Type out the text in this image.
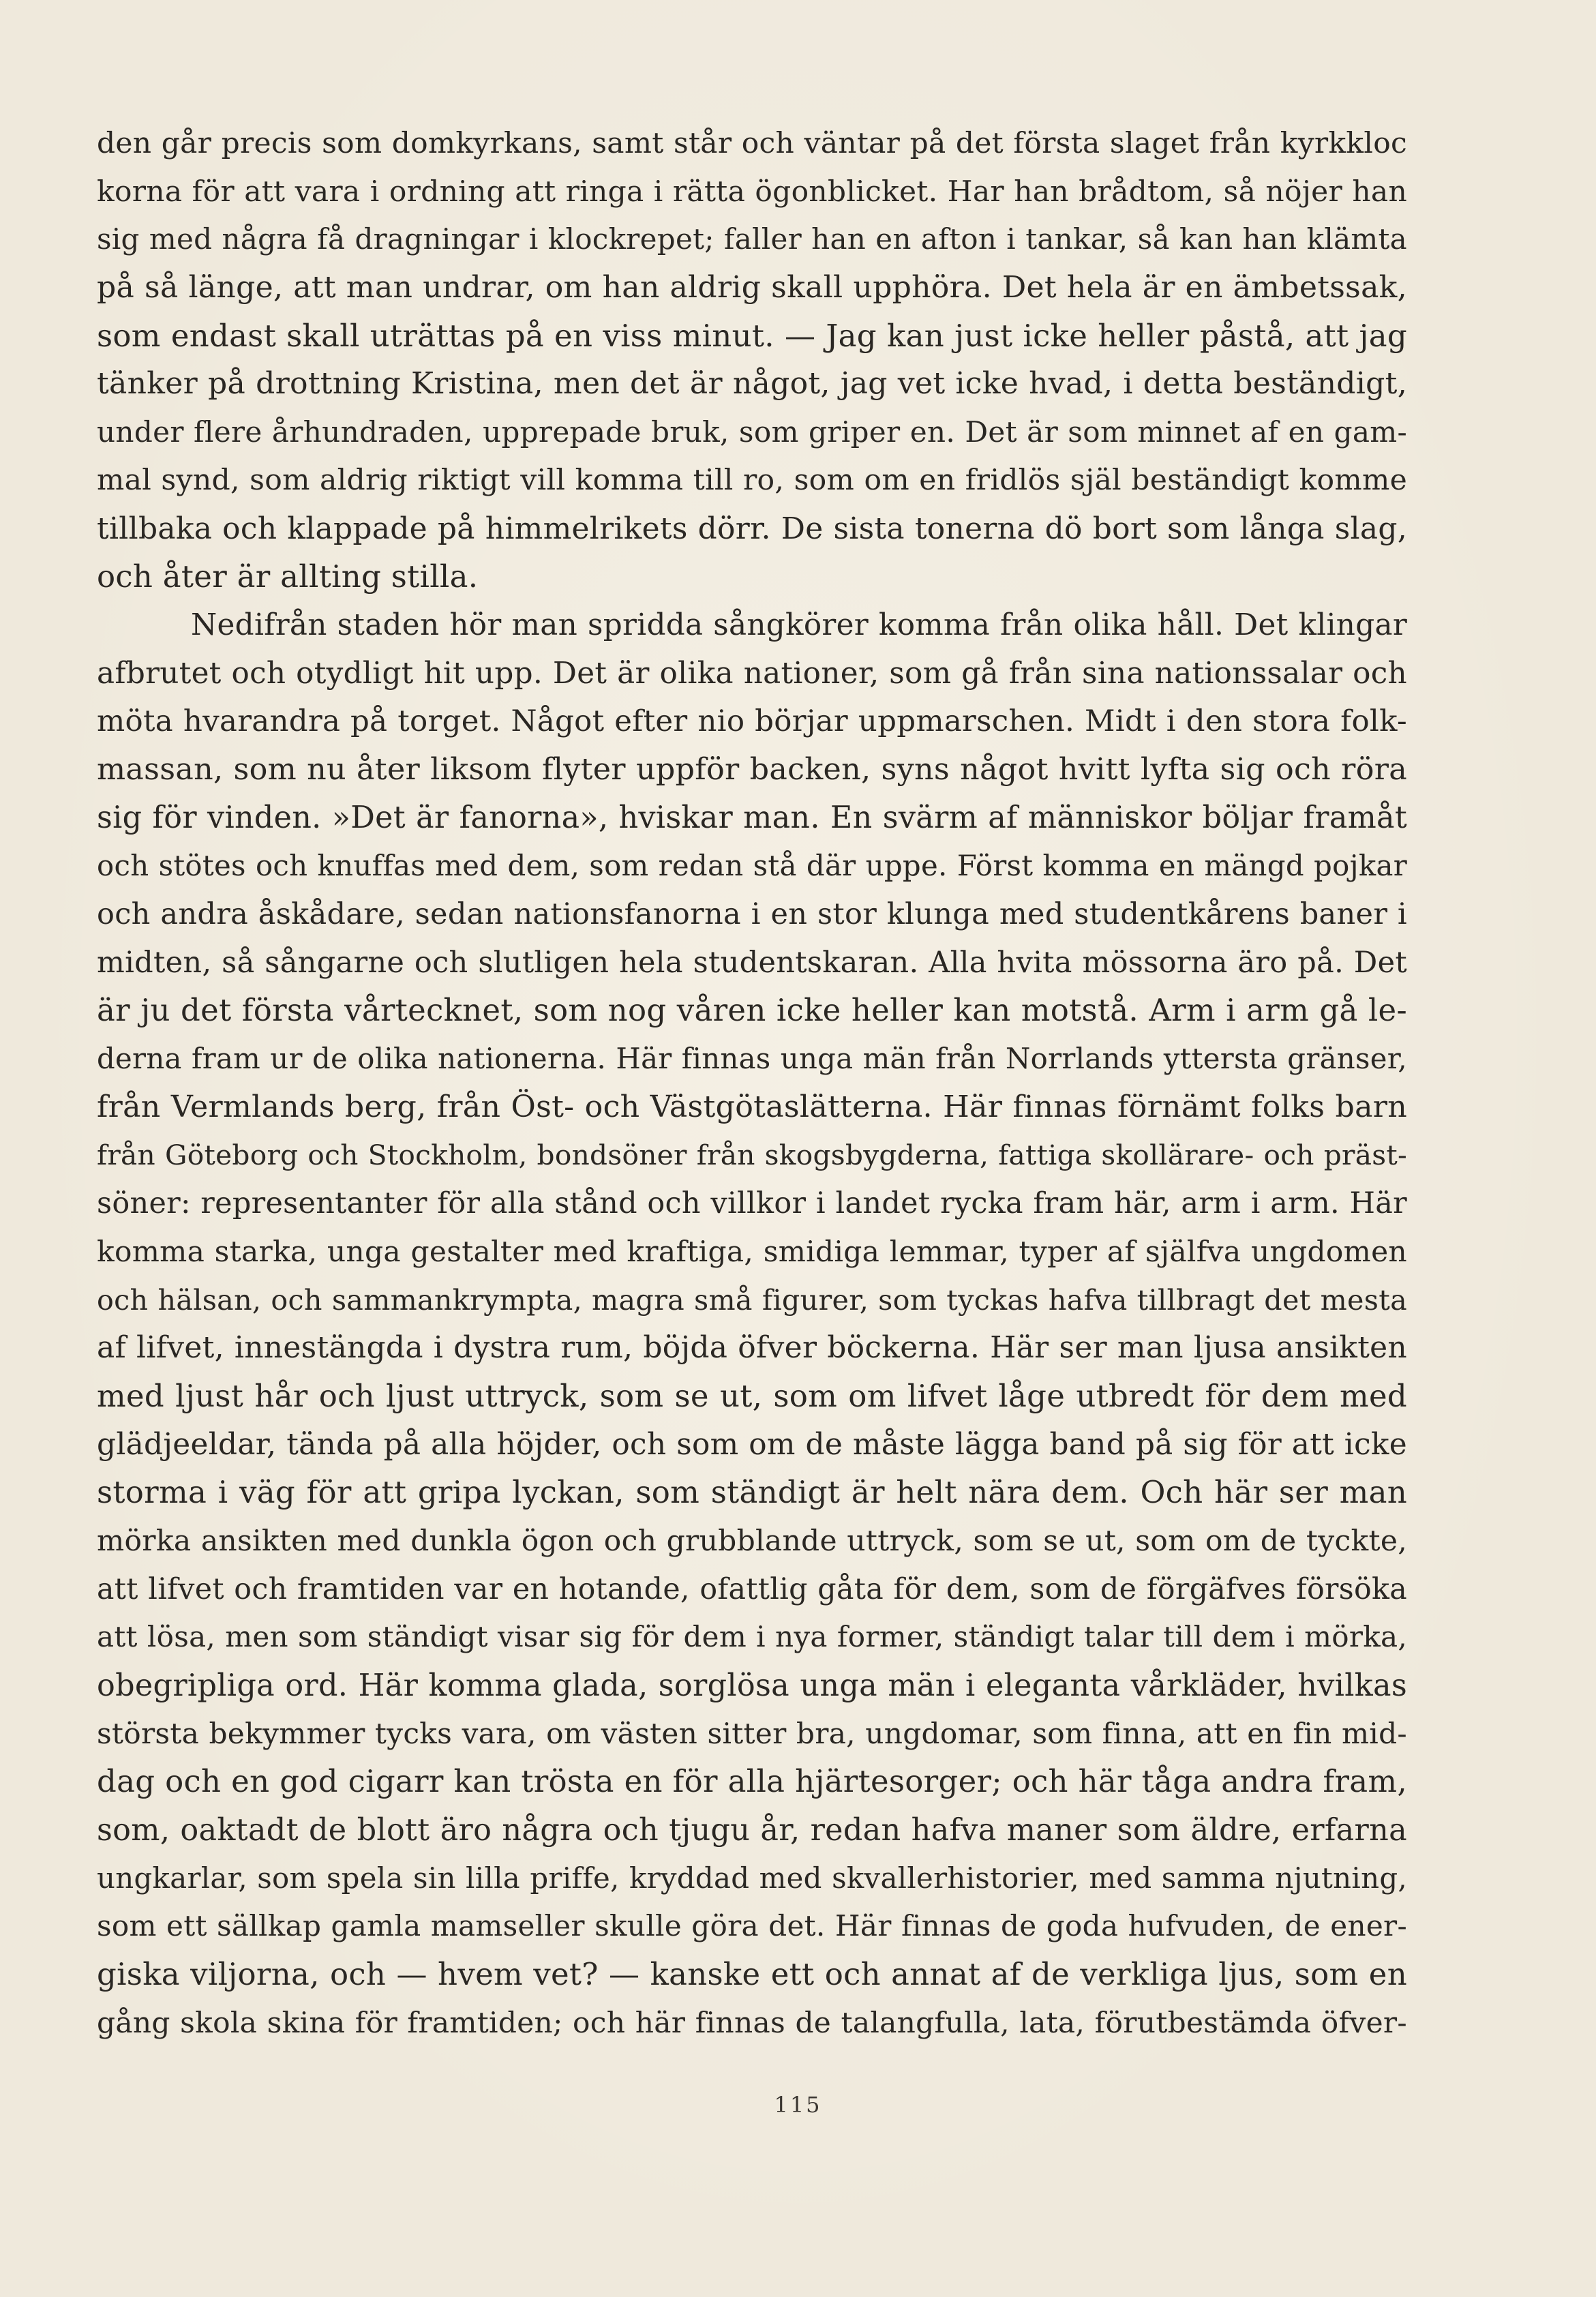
den går precis som domkyrkans, samt står och väntar på det första slaget från kyrkkloc
korna för att vara i ordning att ringa i rätta ögonblicket. Har han brådtom, så nöjer han
sig med några få dragningar i klockrepet; faller han en afton i tankar, så kan han klämta
på så länge, att man undrar, om han aldrig skall upphöra. Det hela är en ämbetssak,
som endast skall uträttas på en viss minut. — Jag kan just icke heller påstå, att jag
tänker på drottning Kristina, men det är något, jag vet icke hvad, i detta beständigt,
under flere århundraden, upprepade bruk, som griper en. Det är som minnet af en gam-
mal synd, som aldrig riktigt vill komma till ro, som om en fridlös själ beständigt komme
tillbaka och klappade på himmelrikets dörr. De sista tonerna dö bort som långa slag,
och åter är allting stilla.
Nedifrån staden hör man spridda sångkörer komma från olika håll. Det klingar
afbrutet och otydligt hit upp. Det är olika nationer, som gå från sina nationssalar och
möta hvarandra på torget. Något efter nio börjar uppmarschen. Midt i den stora folk-
massan, som nu åter liksom flyter uppför backen, syns något hvitt lyfta sig och röra
sig för vinden. »Det är fanorna», hviskar man. En svärm af människor böljar framåt
och stötes och knuffas med dem, som redan stå där uppe. Först komma en mängd pojkar
och andra åskådare, sedan nationsfanorna i en stor klunga med studentkårens baner i
midten, så sångarne och slutligen hela studentskaran. Alla hvita mössorna äro på. Det
är ju det första vårtecknet, som nog våren icke heller kan motstå. Arm i arm gå le-
derna fram ur de olika nationerna. Här finnas unga män från Norrlands yttersta gränser,
från Vermlands berg, från Öst- och Västgötaslätterna. Här finnas förnämt folks barn
från Göteborg och Stockholm, bondsöner från skogsbygderna, fattiga skollärare- och präst-
söner: representanter för alla stånd och villkor i landet rycka fram här, arm i arm. Här
komma starka, unga gestalter med kraftiga, smidiga lemmar, typer af själfva ungdomen
och hälsan, och sammankrympta, magra små figurer, som tyckas hafva tillbragt det mesta
af lifvet, innestängda i dystra rum, böjda öfver böckerna. Här ser man ljusa ansikten
med ljust hår och ljust uttryck, som se ut, som om lifvet låge utbredt för dem med
glädjeeldar, tända på alla höjder, och som om de måste lägga band på sig för att icke
storma i väg för att gripa lyckan, som ständigt är helt nära dem. Och här ser man
mörka ansikten med dunkla ögon och grubblande uttryck, som se ut, som om de tyckte,
att lifvet och framtiden var en hotande, ofattlig gåta för dem, som de förgäfves försöka
att lösa, men som ständigt visar sig för dem i nya former, ständigt talar till dem i mörka,
obegripliga ord. Här komma glada, sorglösa unga män i eleganta vårkläder, hvilkas
största bekymmer tycks vara, om västen sitter bra, ungdomar, som finna, att en fin mid-
dag och en god cigarr kan trösta en för alla hjärtesorger; och här tåga andra fram,
som, oaktadt de blott äro några och tjugu år, redan hafva maner som äldre, erfarna
ungkarlar, som spela sin lilla priffe, kryddad med skvallerhistorier, med samma njutning,
som ett sällkap gamla mamseller skulle göra det. Här finnas de goda hufvuden, de ener-
giska viljorna, och — hvem vet? — kanske ett och annat af de verkliga ljus, som en
gång skola skina för framtiden; och här finnas de talangfulla, lata, förutbestämda öfver-
115
